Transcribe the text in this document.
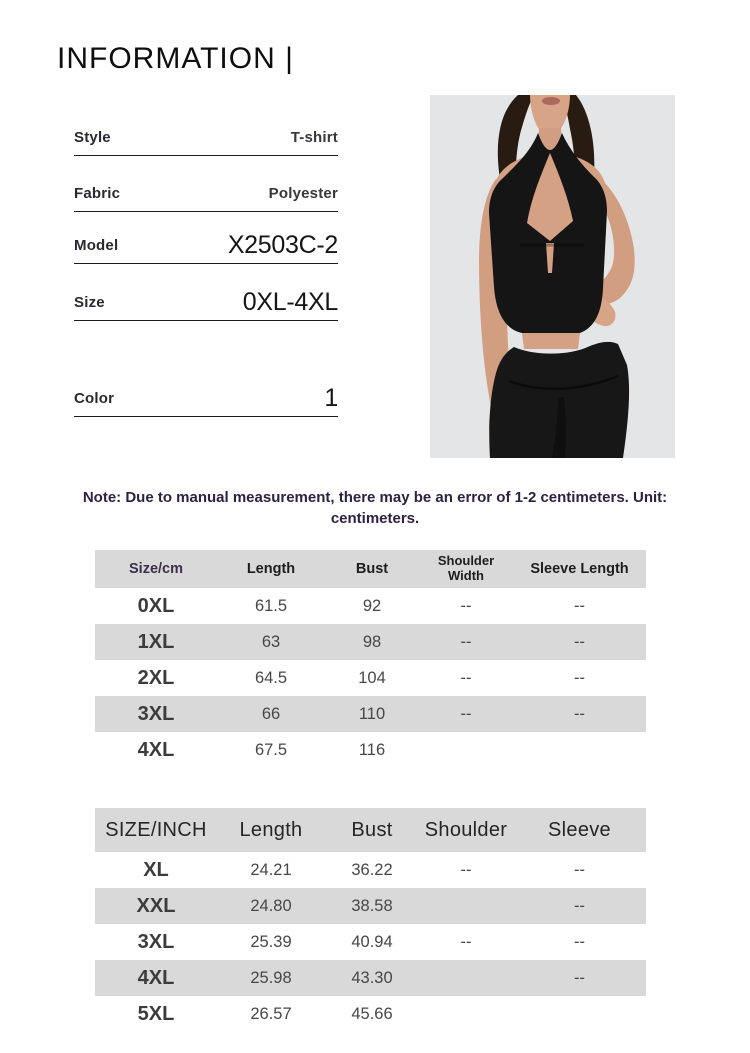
INFORMATION |
Style	T-shirt
Fabric	Polyester
Model	X2503C-2
Size	0XL-4XL
Color	1
Note: Due to manual measurement, there may be an error of 1-2 centimeters. Unit: centimeters.
Size/cm	Length	Bust	Shoulder Width	Sleeve Length
0XL	61.5	92	--	--
1XL	63	98	--	--
2XL	64.5	104	--	--
3XL	66	110	--	--
4XL	67.5	116		
SIZE/INCH	Length	Bust	Shoulder	Sleeve
XL	24.21	36.22	--	--
XXL	24.80	38.58		--
3XL	25.39	40.94	--	--
4XL	25.98	43.30		--
5XL	26.57	45.66		
